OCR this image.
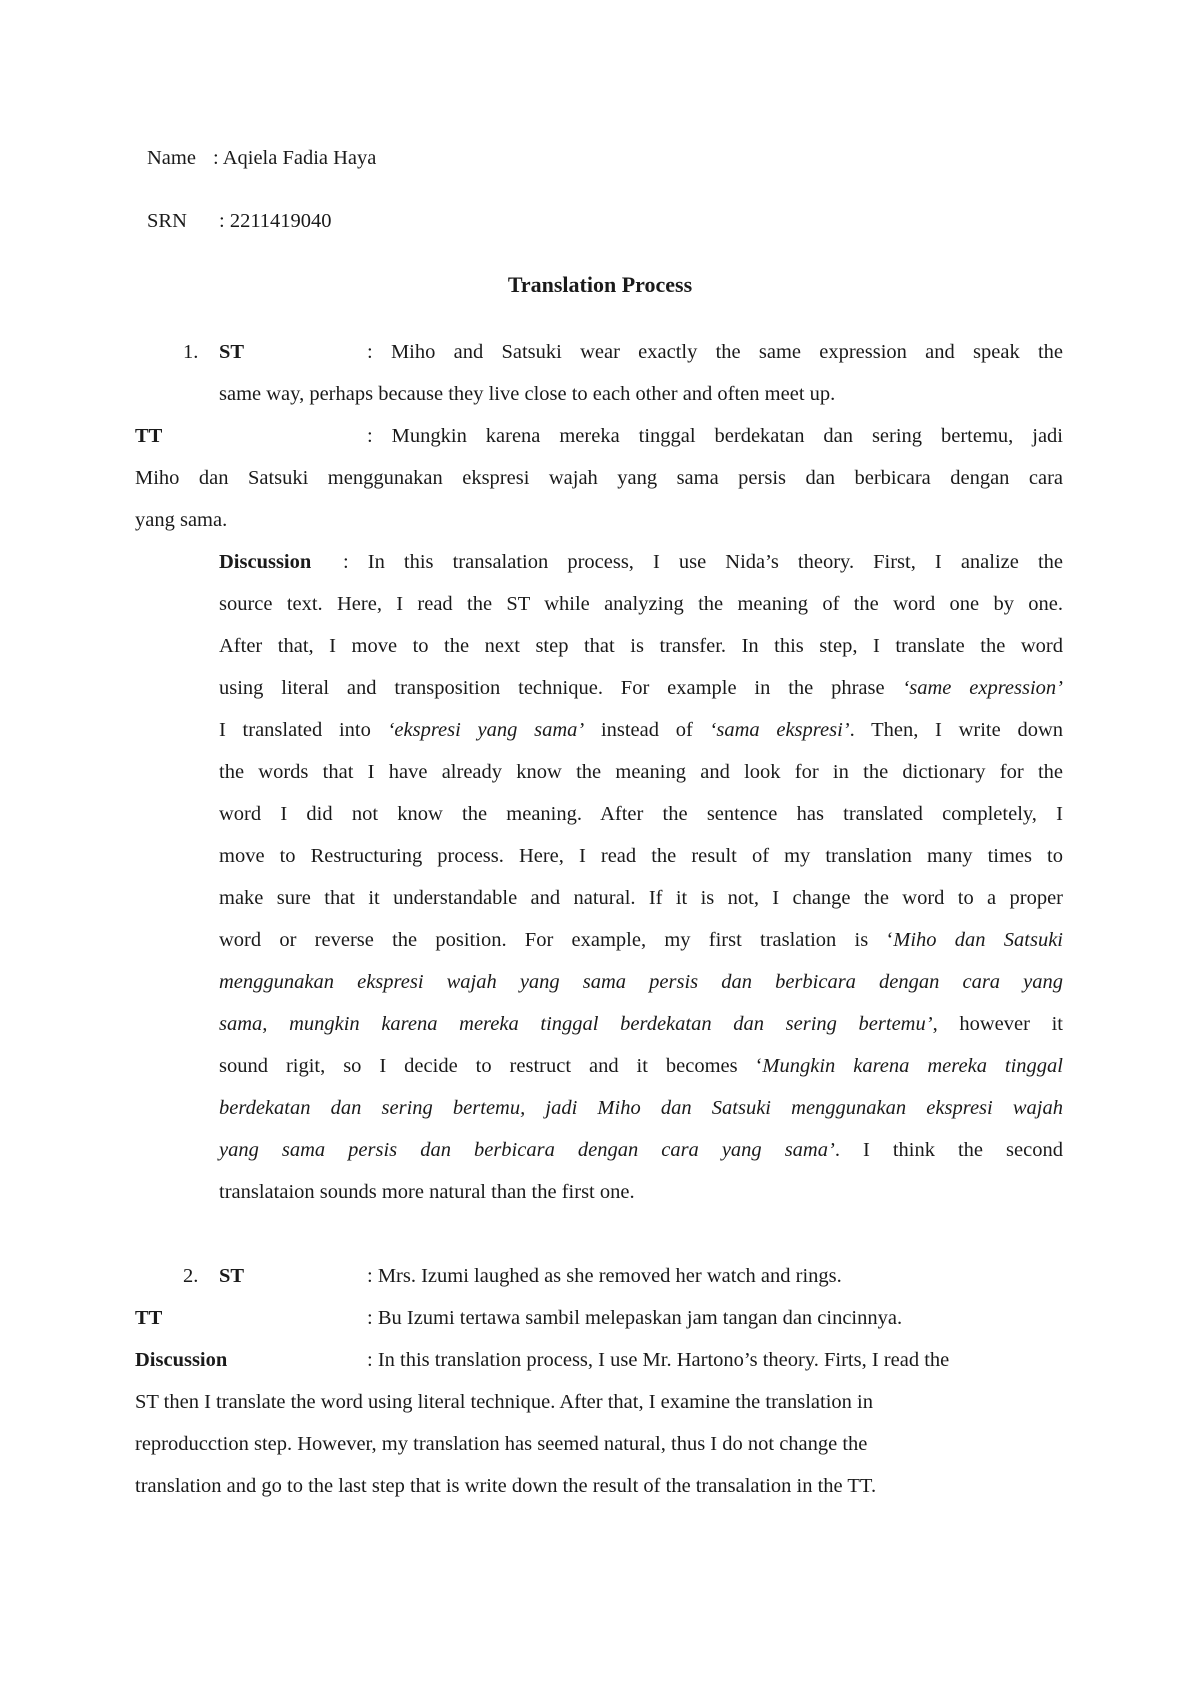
Name : Aqiela Fadia Haya
SRN : 2211419040
Translation Process
1. ST	: Miho and Satsuki wear exactly the same expression and speak the
same way, perhaps because they live close to each other and often meet up.
TT	: Mungkin karena mereka tinggal berdekatan dan sering bertemu, jadi
Miho dan Satsuki menggunakan ekspresi wajah yang sama persis dan berbicara dengan cara
yang sama.
Discussion : In this transalation process, I use Nida’s theory. First, I analize the
source text. Here, I read the ST while analyzing the meaning of the word one by one.
After that, I move to the next step that is transfer. In this step, I translate the word
using literal and transposition technique. For example in the phrase ‘same expression’
I translated into ‘ekspresi yang sama’ instead of ‘sama ekspresi’. Then, I write down
the words that I have already know the meaning and look for in the dictionary for the
word I did not know the meaning. After the sentence has translated completely, I
move to Restructuring process. Here, I read the result of my translation many times to
make sure that it understandable and natural. If it is not, I change the word to a proper
word or reverse the position. For example, my first traslation is ‘Miho dan Satsuki
menggunakan ekspresi wajah yang sama persis dan berbicara dengan cara yang
sama, mungkin karena mereka tinggal berdekatan dan sering bertemu’, however it
sound rigit, so I decide to restruct and it becomes ‘Mungkin karena mereka tinggal
berdekatan dan sering bertemu, jadi Miho dan Satsuki menggunakan ekspresi wajah
yang sama persis dan berbicara dengan cara yang sama’. I think the second
translataion sounds more natural than the first one.
2. ST	: Mrs. Izumi laughed as she removed her watch and rings.
TT	: Bu Izumi tertawa sambil melepaskan jam tangan dan cincinnya.
Discussion	: In this translation process, I use Mr. Hartono’s theory. Firts, I read the
ST then I translate the word using literal technique. After that, I examine the translation in
reproducction step. However, my translation has seemed natural, thus I do not change the
translation and go to the last step that is write down the result of the transalation in the TT.
